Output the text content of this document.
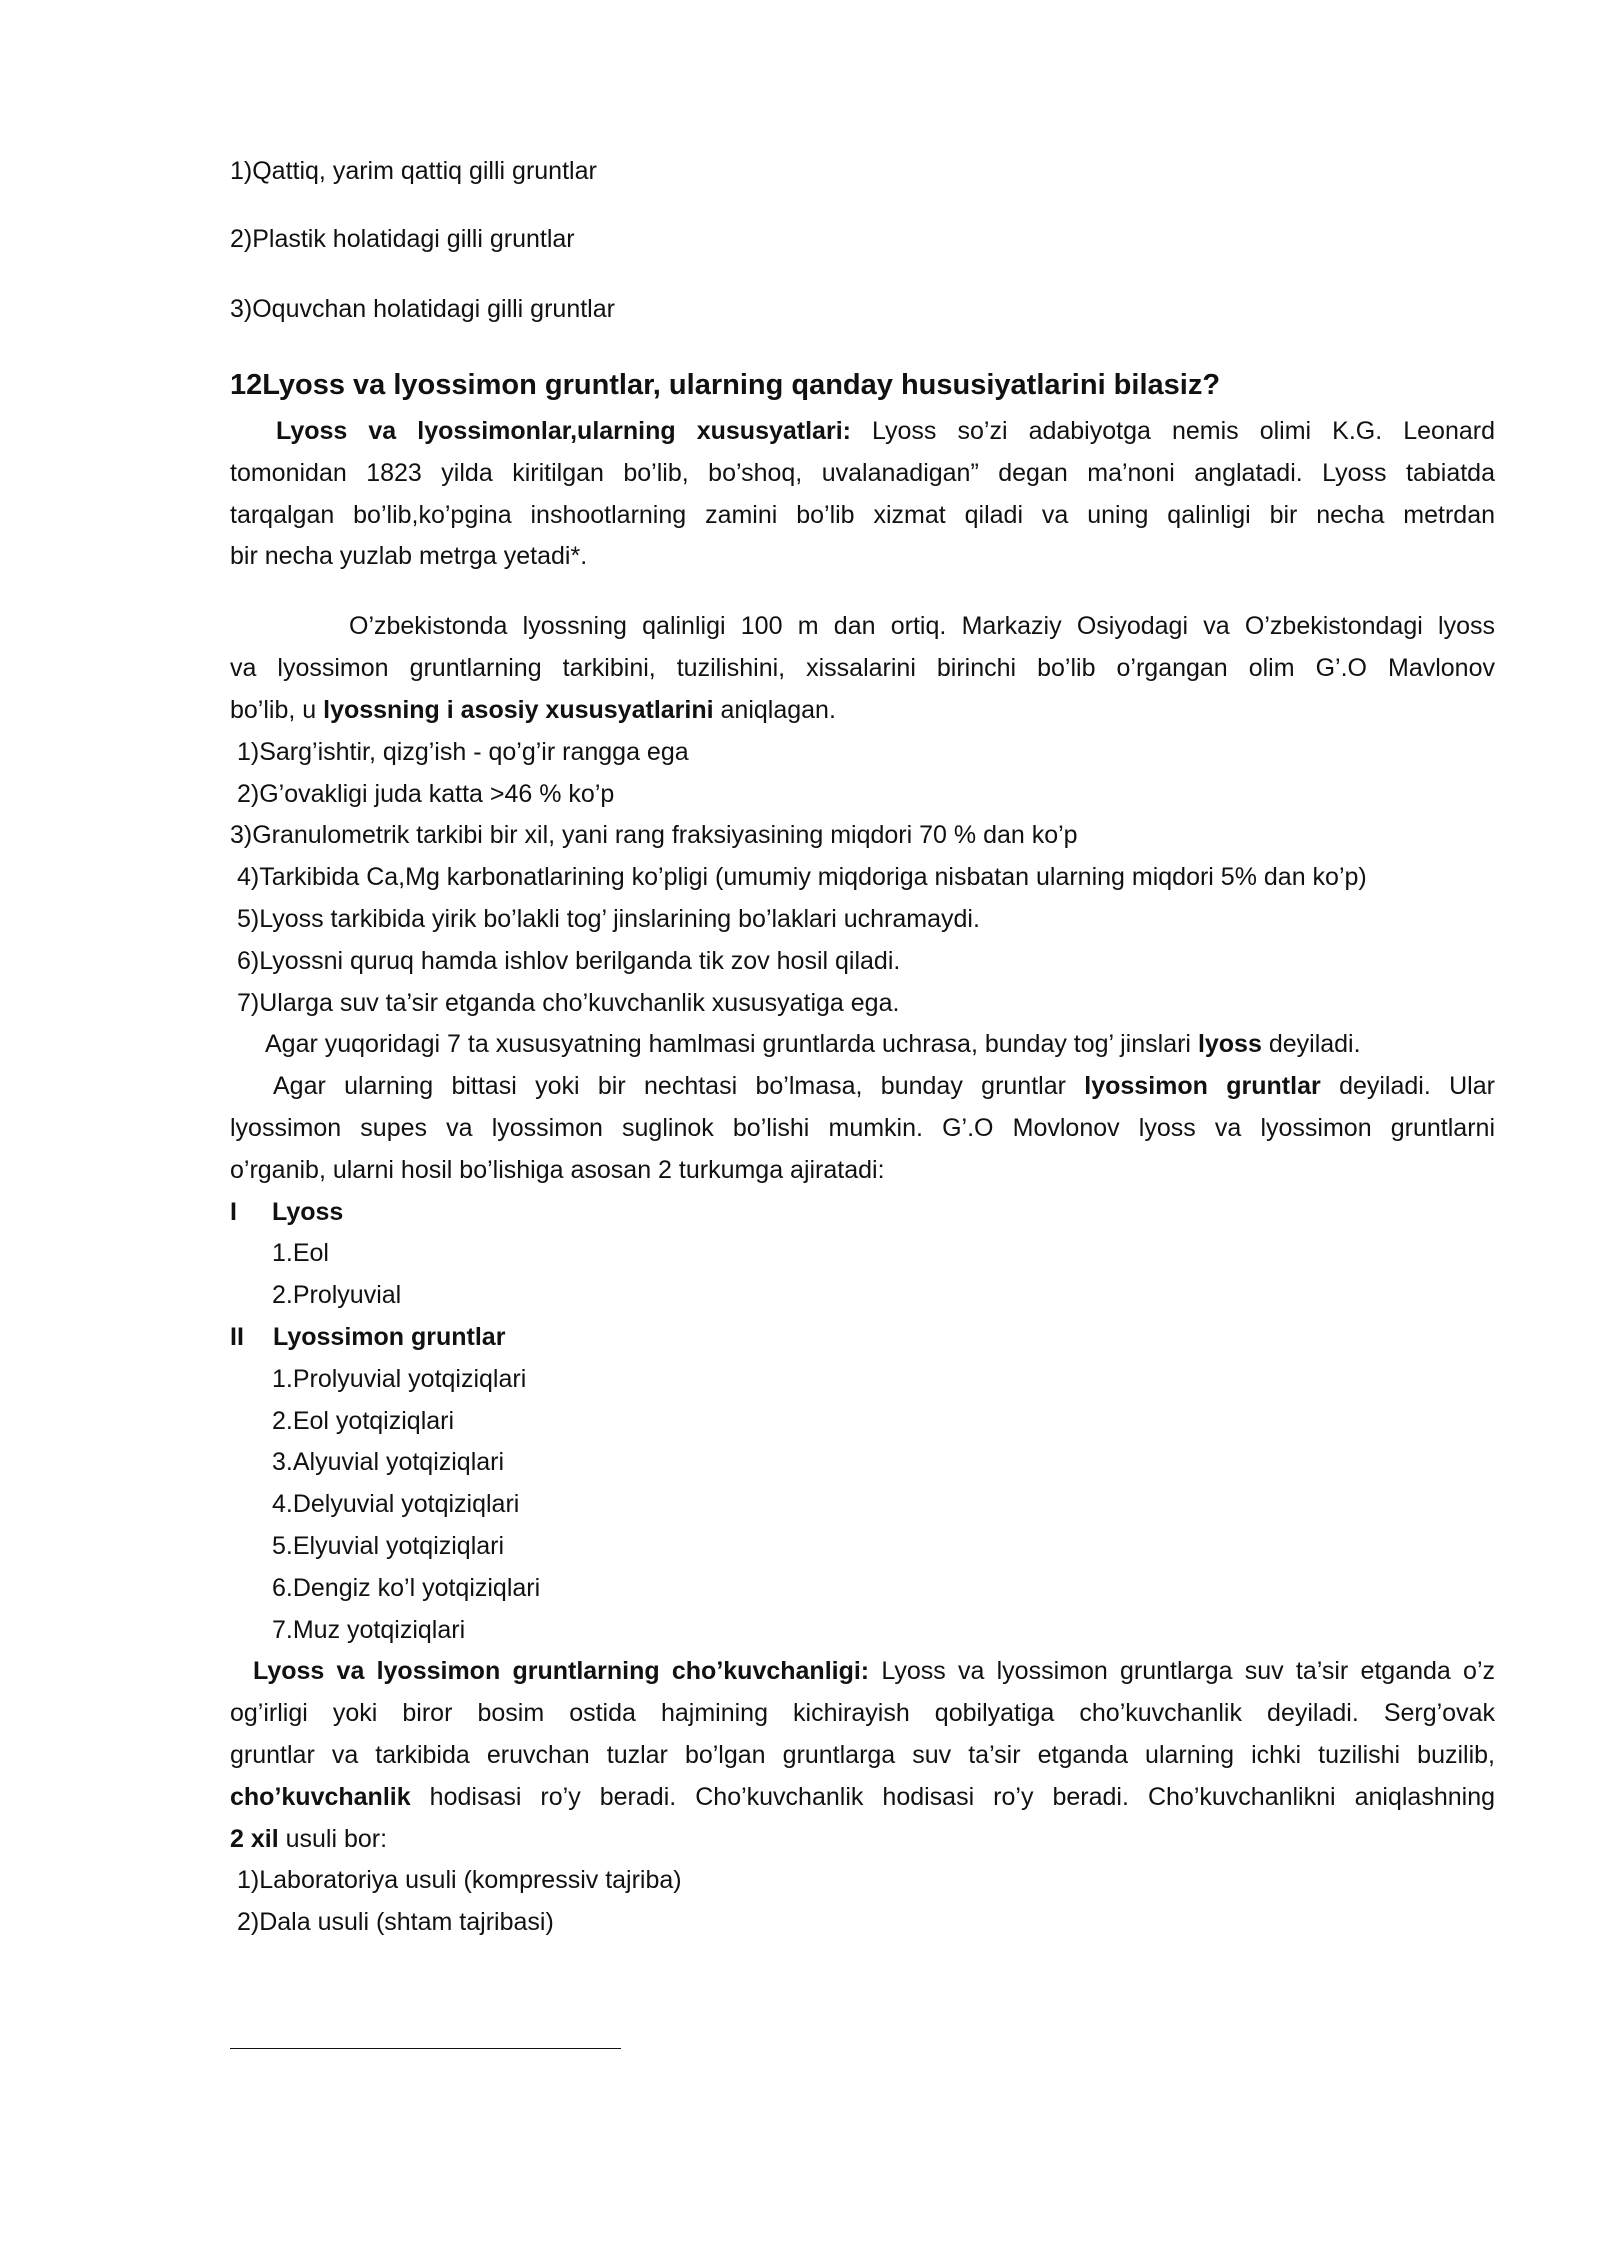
1)Qattiq, yarim qattiq gilli gruntlar
2)Plastik holatidagi gilli gruntlar
3)Oquvchan holatidagi gilli gruntlar
12Lyoss va lyossimon gruntlar, ularning qanday hususiyatlarini bilasiz?
Lyoss va lyossimonlar,ularning xususyatlari: Lyoss so’zi adabiyotga nemis olimi K.G. Leonard
tomonidan 1823 yilda kiritilgan bo’lib, bo’shoq, uvalanadigan” degan ma’noni anglatadi. Lyoss tabiatda
tarqalgan bo’lib,ko’pgina inshootlarning zamini bo’lib xizmat qiladi va uning qalinligi bir necha metrdan
bir necha yuzlab metrga yetadi*.
O’zbekistonda lyossning qalinligi 100 m dan ortiq. Markaziy Osiyodagi va O’zbekistondagi lyoss
va lyossimon gruntlarning tarkibini, tuzilishini, xissalarini birinchi bo’lib o’rgangan olim G’.O Mavlonov
bo’lib, u lyossning i asosiy xususyatlarini aniqlagan.
1)Sarg’ishtir, qizg’ish - qo’g’ir rangga ega
2)G’ovakligi juda katta >46 % ko’p
3)Granulometrik tarkibi bir xil, yani rang fraksiyasining miqdori 70 % dan ko’p
4)Tarkibida Ca,Mg karbonatlarining ko’pligi (umumiy miqdoriga nisbatan ularning miqdori 5% dan ko’p)
5)Lyoss tarkibida yirik bo’lakli tog’ jinslarining bo’laklari uchramaydi.
6)Lyossni quruq hamda ishlov berilganda tik zov hosil qiladi.
7)Ularga suv ta’sir etganda cho’kuvchanlik xususyatiga ega.
Agar yuqoridagi 7 ta xususyatning hamlmasi gruntlarda uchrasa, bunday tog’ jinslari lyoss deyiladi.
Agar ularning bittasi yoki bir nechtasi bo’lmasa, bunday gruntlar lyossimon gruntlar deyiladi. Ular
lyossimon supes va lyossimon suglinok bo’lishi mumkin. G’.O Movlonov lyoss va lyossimon gruntlarni
o’rganib, ularni hosil bo’lishiga asosan 2 turkumga ajiratadi:
I Lyoss
1.Eol
2.Prolyuvial
II Lyossimon gruntlar
1.Prolyuvial yotqiziqlari
2.Eol yotqiziqlari
3.Alyuvial yotqiziqlari
4.Delyuvial yotqiziqlari
5.Elyuvial yotqiziqlari
6.Dengiz ko’l yotqiziqlari
7.Muz yotqiziqlari
Lyoss va lyossimon gruntlarning cho’kuvchanligi: Lyoss va lyossimon gruntlarga suv ta’sir etganda o’z
og’irligi yoki biror bosim ostida hajmining kichirayish qobilyatiga cho’kuvchanlik deyiladi. Serg’ovak
gruntlar va tarkibida eruvchan tuzlar bo’lgan gruntlarga suv ta’sir etganda ularning ichki tuzilishi buzilib,
cho’kuvchanlik hodisasi ro’y beradi. Cho’kuvchanlik hodisasi ro’y beradi. Cho’kuvchanlikni aniqlashning
2 xil usuli bor:
1)Laboratoriya usuli (kompressiv tajriba)
2)Dala usuli (shtam tajribasi)
